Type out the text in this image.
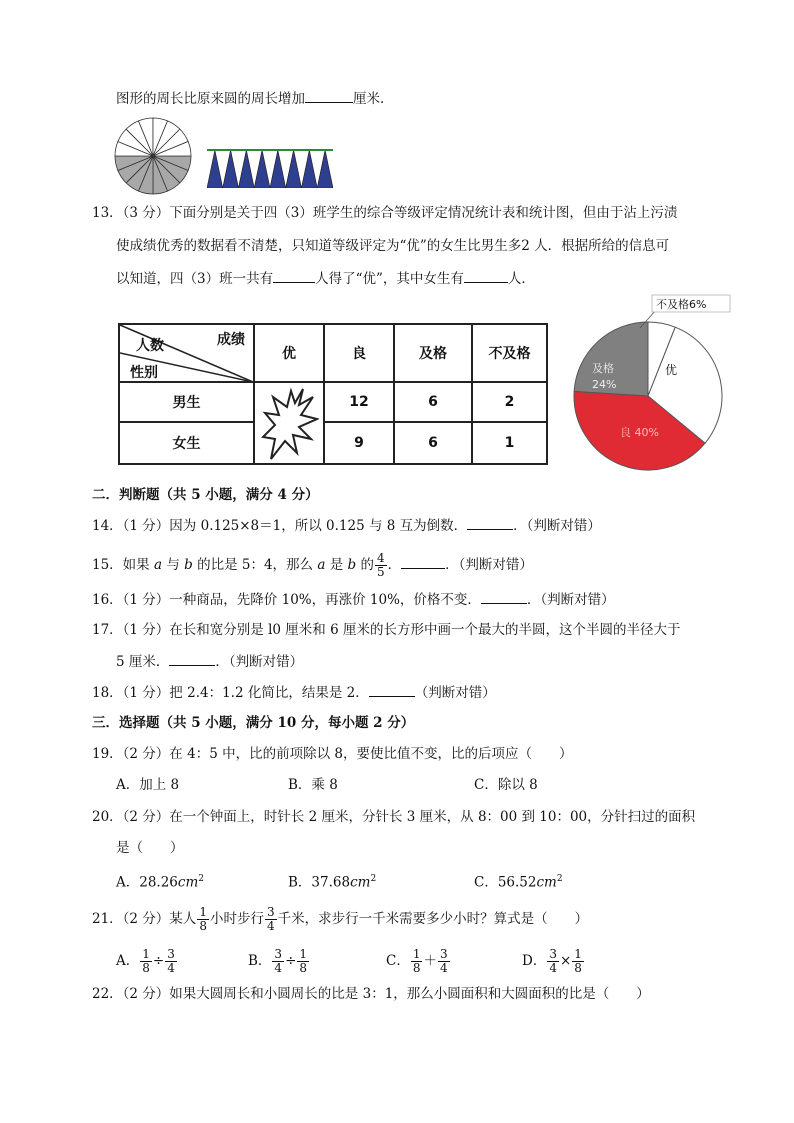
图形的周长比原来圆的周长增加	厘米．
13．（3 分）下面分别是关于四（3）班学生的综合等级评定情况统计表和统计图，但由于沾上污渍
使成绩优秀的数据看不清楚，只知道等级评定为“优”的女生比男生多2 人．根据所给的信息可
以知道，四（3）班一共有	人得了“优”，其中女生有	人．
成绩
人数
性别	优	良	及格	不及格
男生		12	6	2
女生		9	6	1
不及格6%
优
良 40%
及格
24%
二．判断题（共 5 小题，满分 4 分）
14．（1 分）因为 0.125×8＝1，所以 0.125 与 8 互为倒数．	．（判断对错）
15．如果 a 与 b 的比是 5：4，那么 a 是 b 的 $\frac{4}{5}$ ．	．（判断对错）
16．（1 分）一种商品，先降价 10%，再涨价 10%，价格不变．	．（判断对错）
17．（1 分）在长和宽分别是 l0 厘米和 6 厘米的长方形中画一个最大的半圆，这个半圆的半径大于
5 厘米．	．（判断对错）
18．（1 分）把 2.4：1.2 化简比，结果是 2．	（判断对错）
三．选择题（共 5 小题，满分 10 分，每小题 2 分）
19．（2 分）在 4：5 中，比的前项除以 8，要使比值不变，比的后项应（　　）
A．加上 8	B．乘 8	C．除以 8
20．（2 分）在一个钟面上，时针长 2 厘米，分针长 3 厘米，从 8：00 到 10：00，分针扫过的面积
是（　　）
A．$28.26cm^2$	B．$37.68cm^2$	C．$56.52cm^2$
21．（2 分）某人 $\frac{1}{8}$ 小时步行 $\frac{3}{4}$ 千米，求步行一千米需要多少小时？算式是（　　）
A． $\frac{1}{8} \div \frac{3}{4}$	B． $\frac{3}{4} \div \frac{1}{8}$	C． $\frac{1}{8} + \frac{3}{4}$	D． $\frac{3}{4} \times \frac{1}{8}$
22．（2 分）如果大圆周长和小圆周长的比是 3：1，那么小圆面积和大圆面积的比是（　　）
